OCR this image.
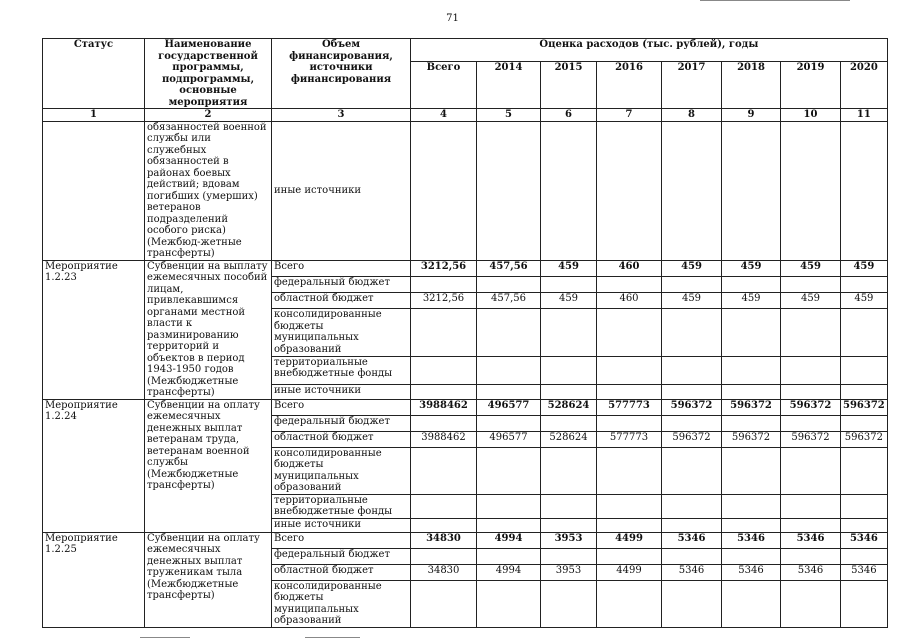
71
Статус	Наименование государственной программы, подпрограммы, основные мероприятия	Объем финансирования, источники финансирования	Оценка расходов (тыс. рублей), годы							
			Всего	2014	2015	2016	2017	2018	2019	2020
1	2	3	4	5	6	7	8	9	10	11
	обязанностей военной службы или служебных обязанностей в районах боевых действий; вдовам погибших (умерших) ветеранов подразделений особого риска) (Межбюд-жетные трансферты)	иные источники								
Мероприятие 1.2.23	Субвенции на выплату ежемесячных пособий лицам, привлекавшимся органами местной власти к разминированию территорий и объектов в период 1943-1950 годов (Межбюджетные трансферты)	Всего	3212,56	457,56	459	460	459	459	459	459
		федеральный бюджет								
		областной бюджет	3212,56	457,56	459	460	459	459	459	459
		консолидированные бюджеты муниципальных образований								
		территориальные внебюджетные фонды								
		иные источники								
Мероприятие 1.2.24	Субвенции на оплату ежемесячных денежных выплат ветеранам труда, ветеранам военной службы (Межбюджетные трансферты)	Всего	3988462	496577	528624	577773	596372	596372	596372	596372
		федеральный бюджет								
		областной бюджет	3988462	496577	528624	577773	596372	596372	596372	596372
		консолидированные бюджеты муниципальных образований								
		территориальные внебюджетные фонды								
		иные источники								
Мероприятие 1.2.25	Субвенции на оплату ежемесячных денежных выплат труженикам тыла (Межбюджетные трансферты)	Всего	34830	4994	3953	4499	5346	5346	5346	5346
		федеральный бюджет								
		областной бюджет	34830	4994	3953	4499	5346	5346	5346	5346
		консолидированные бюджеты муниципальных образований								
